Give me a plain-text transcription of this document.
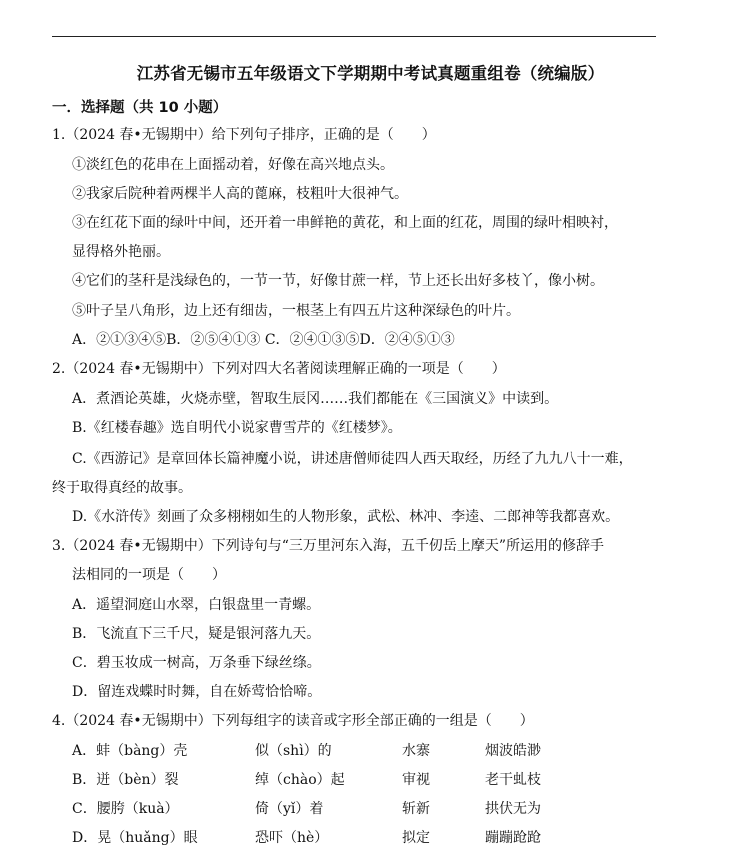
江苏省无锡市五年级语文下学期期中考试真题重组卷（统编版）
一．选择题（共 10 小题）
1.（2024 春•无锡期中）给下列句子排序，正确的是（　　）
①淡红色的花串在上面摇动着，好像在高兴地点头。
②我家后院种着两棵半人高的蓖麻，枝粗叶大很神气。
③在红花下面的绿叶中间，还开着一串鲜艳的黄花，和上面的红花，周围的绿叶相映衬，
显得格外艳丽。
④它们的茎秆是浅绿色的，一节一节，好像甘蔗一样，节上还长出好多枝丫，像小树。
⑤叶子呈八角形，边上还有细齿，一根茎上有四五片这种深绿色的叶片。
A．②①③④⑤B．②⑤④①③ C．②④①③⑤D．②④⑤①③
2.（2024 春•无锡期中）下列对四大名著阅读理解正确的一项是（　　）
A．煮酒论英雄，火烧赤壁，智取生辰冈……我们都能在《三国演义》中读到。
B.《红楼春趣》选自明代小说家曹雪芹的《红楼梦》。
C.《西游记》是章回体长篇神魔小说，讲述唐僧师徒四人西天取经，历经了九九八十一难，
终于取得真经的故事。
D.《水浒传》刻画了众多栩栩如生的人物形象，武松、林冲、李逵、二郎神等我都喜欢。
3.（2024 春•无锡期中）下列诗句与“三万里河东入海，五千仞岳上摩天”所运用的修辞手
法相同的一项是（　　）
A．遥望洞庭山水翠，白银盘里一青螺。
B．飞流直下三千尺，疑是银河落九天。
C．碧玉妆成一树高，万条垂下绿丝绦。
D．留连戏蝶时时舞，自在娇莺恰恰啼。
4.（2024 春•无锡期中）下列每组字的读音或字形全部正确的一组是（　　）
A．蚌（bàng）壳	似（shì）的	水寨	烟波皓渺
B．迸（bèn）裂	绰（chào）起	审视	老干虬枝
C．腰胯（kuà）	倚（yǐ）着	斩新	拱伏无为
D．晃（huǎng）眼	恐吓（hè）	拟定	蹦蹦跄跄
